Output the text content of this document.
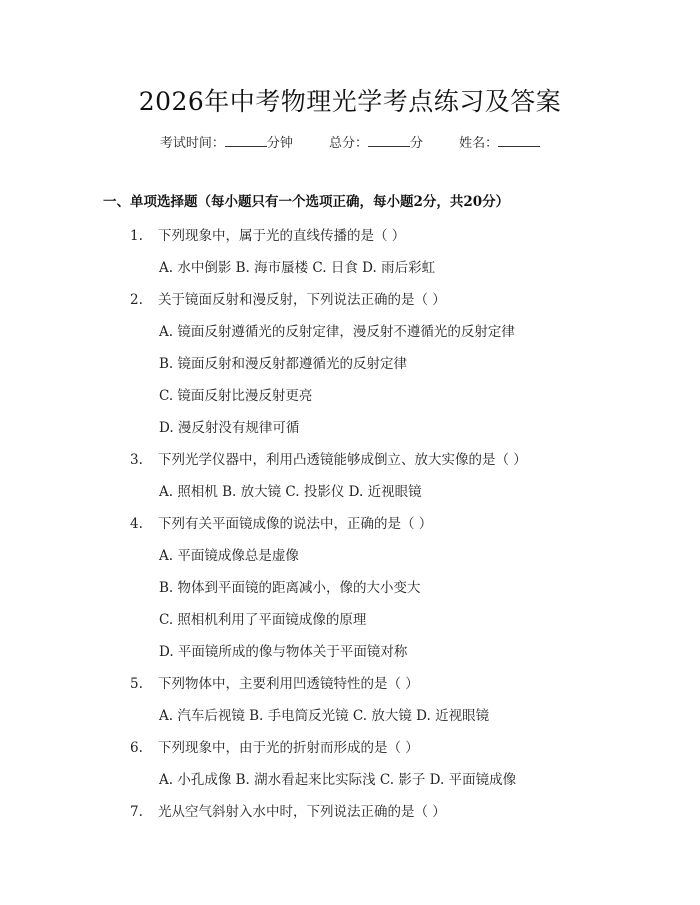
2026年中考物理光学考点练习及答案
考试时间：	分钟	总分：	分	姓名：
一、单项选择题（每小题只有一个选项正确，每小题2分，共20分）
1. 下列现象中，属于光的直线传播的是（ ）
A. 水中倒影 B. 海市蜃楼 C. 日食 D. 雨后彩虹
2. 关于镜面反射和漫反射，下列说法正确的是（ ）
A. 镜面反射遵循光的反射定律，漫反射不遵循光的反射定律
B. 镜面反射和漫反射都遵循光的反射定律
C. 镜面反射比漫反射更亮
D. 漫反射没有规律可循
3. 下列光学仪器中，利用凸透镜能够成倒立、放大实像的是（ ）
A. 照相机 B. 放大镜 C. 投影仪 D. 近视眼镜
4. 下列有关平面镜成像的说法中，正确的是（ ）
A. 平面镜成像总是虚像
B. 物体到平面镜的距离减小，像的大小变大
C. 照相机利用了平面镜成像的原理
D. 平面镜所成的像与物体关于平面镜对称
5. 下列物体中，主要利用凹透镜特性的是（ ）
A. 汽车后视镜 B. 手电筒反光镜 C. 放大镜 D. 近视眼镜
6. 下列现象中，由于光的折射而形成的是（ ）
A. 小孔成像 B. 湖水看起来比实际浅 C. 影子 D. 平面镜成像
7. 光从空气斜射入水中时，下列说法正确的是（ ）
